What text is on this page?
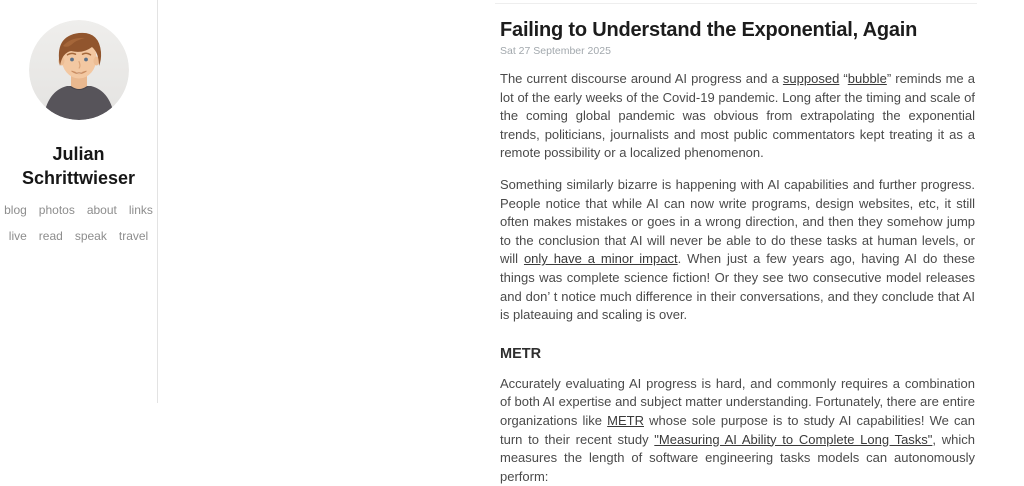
Julian Schrittwieser
blog photos about links
live read speak travel
Failing to Understand the Exponential, Again
Sat 27 September 2025

The current discourse around AI progress and a supposed “bubble” reminds me a lot of the early weeks of the Covid-19 pandemic. Long after the timing and scale of the coming global pandemic was obvious from extrapolating the exponential trends, politicians, journalists and most public commentators kept treating it as a remote possibility or a localized phenomenon.

Something similarly bizarre is happening with AI capabilities and further progress. People notice that while AI can now write programs, design websites, etc, it still often makes mistakes or goes in a wrong direction, and then they somehow jump to the conclusion that AI will never be able to do these tasks at human levels, or will only have a minor impact. When just a few years ago, having AI do these things was complete science fiction! Or they see two consecutive model releases and don’ t notice much difference in their conversations, and they conclude that AI is plateauing and scaling is over.

METR

Accurately evaluating AI progress is hard, and commonly requires a combination of both AI expertise and subject matter understanding. Fortunately, there are entire organizations like METR whose sole purpose is to study AI capabilities! We can turn to their recent study "Measuring AI Ability to Complete Long Tasks", which measures the length of software engineering tasks models can autonomously perform:
